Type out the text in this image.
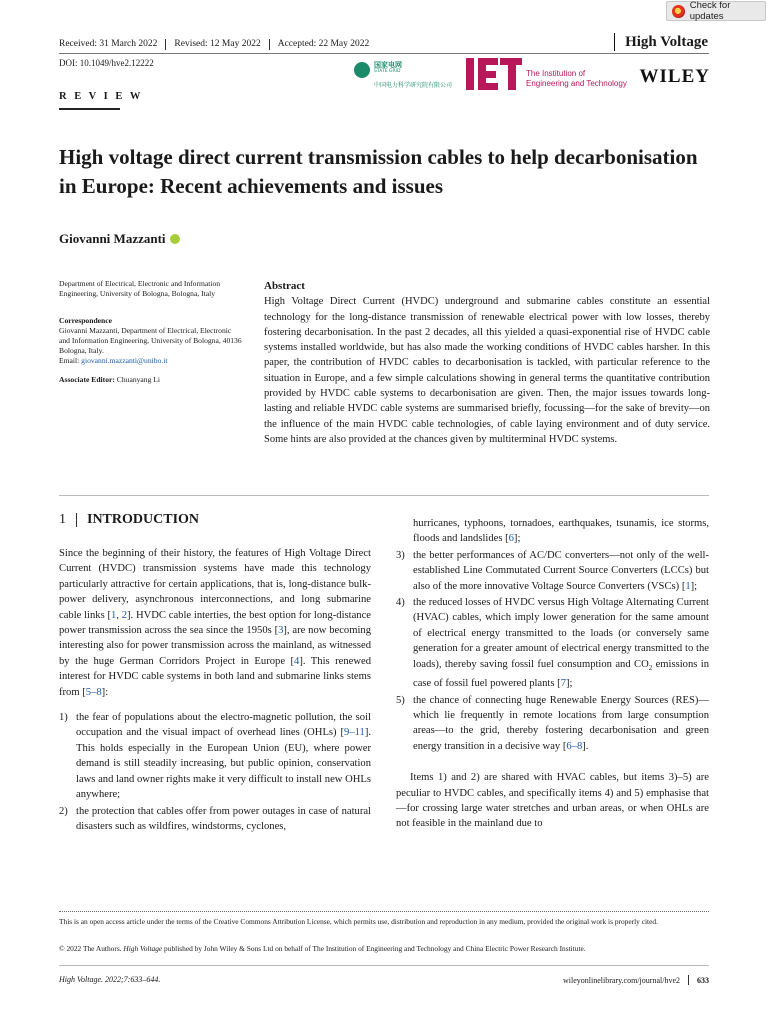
Check for updates
Received: 31 March 2022 Revised: 12 May 2022 Accepted: 22 May 2022	High Voltage
DOI: 10.1049/hve2.12222	国家电网
STATE GRID
中国电力科学研究院有限公司
The Institution of
Engineering and Technology WILEY
R E V I E W
High voltage direct current transmission cables to help decarbonisation in Europe: Recent achievements and issues
Giovanni Mazzanti

Department of Electrical, Electronic and Information Engineering, University of Bologna, Bologna, Italy

Correspondence

Giovanni Mazzanti, Department of Electrical, Electronic and Information Engineering, University of Bologna, 40136 Bologna, Italy.

Email: giovanni.mazzanti@unibo.it

Associate Editor: Chuanyang Li

Abstract
High Voltage Direct Current (HVDC) underground and submarine cables constitute an essential technology for the long-distance transmission of renewable electrical power with low losses, thereby fostering decarbonisation. In the past 2 decades, all this yielded a quasi-exponential rise of HVDC cable systems installed worldwide, but has also made the working conditions of HVDC cables harsher. In this paper, the contribution of HVDC cables to decarbonisation is tackled, with particular reference to the situation in Europe, and a few simple calculations showing in general terms the quantitative contribution provided by HVDC cable systems to decarbonisation are given. Then, the major issues towards long-lasting and reliable HVDC cable systems are summarised briefly, focussing—for the sake of brevity—on the influence of the main HVDC cable technologies, of cable laying environment and of duty service. Some hints are also provided at the chances given by multiterminal HVDC systems.
1 INTRODUCTION

Since the beginning of their history, the features of High Voltage Direct Current (HVDC) transmission systems have made this technology particularly attractive for certain applications, that is, long-distance bulk-power delivery, asynchronous interconnections, and long submarine cable links [1, 2]. HVDC cable interties, the best option for long-distance power transmission across the sea since the 1950s [3], are now becoming interesting also for power transmission across the mainland, as witnessed by the huge German Corridors Project in Europe [4]. This renewed interest for HVDC cable systems in both land and submarine links stems from [5–8]:

1) the fear of populations about the electro-magnetic pollution, the soil occupation and the visual impact of overhead lines (OHLs) [9–11]. This holds especially in the European Union (EU), where power demand is still steadily increasing, but public opinion, conservation laws and land owner rights make it very difficult to install new OHLs anywhere;
2) the protection that cables offer from power outages in case of natural disasters such as wildfires, windstorms, cyclones,
hurricanes, typhoons, tornadoes, earthquakes, tsunamis, ice storms, floods and landslides [6];
3) the better performances of AC/DC converters—not only of the well-established Line Commutated Current Source Converters (LCCs) but also of the more innovative Voltage Source Converters (VSCs) [1];
4) the reduced losses of HVDC versus High Voltage Alternating Current (HVAC) cables, which imply lower generation for the same amount of electrical energy transmitted to the loads (or conversely same generation for a greater amount of electrical energy transmitted to the loads), thereby saving fossil fuel consumption and $CO_2$ emissions in case of fossil fuel powered plants [7];
5) the chance of connecting huge Renewable Energy Sources (RES)—which lie frequently in remote locations from large consumption areas—to the grid, thereby fostering decarbonisation and green energy transition in a decisive way [6–8].

Items 1) and 2) are shared with HVAC cables, but items 3)–5) are peculiar to HVDC cables, and specifically items 4) and 5) emphasise that—for crossing large water stretches and urban areas, or when OHLs are not feasible in the mainland due to

This is an open access article under the terms of the Creative Commons Attribution License, which permits use, distribution and reproduction in any medium, provided the original work is properly cited.
© 2022 The Authors. High Voltage published by John Wiley & Sons Ltd on behalf of The Institution of Engineering and Technology and China Electric Power Research Institute.
High Voltage. 2022;7:633–644.	wileyonlinelibrary.com/journal/hve2 633
